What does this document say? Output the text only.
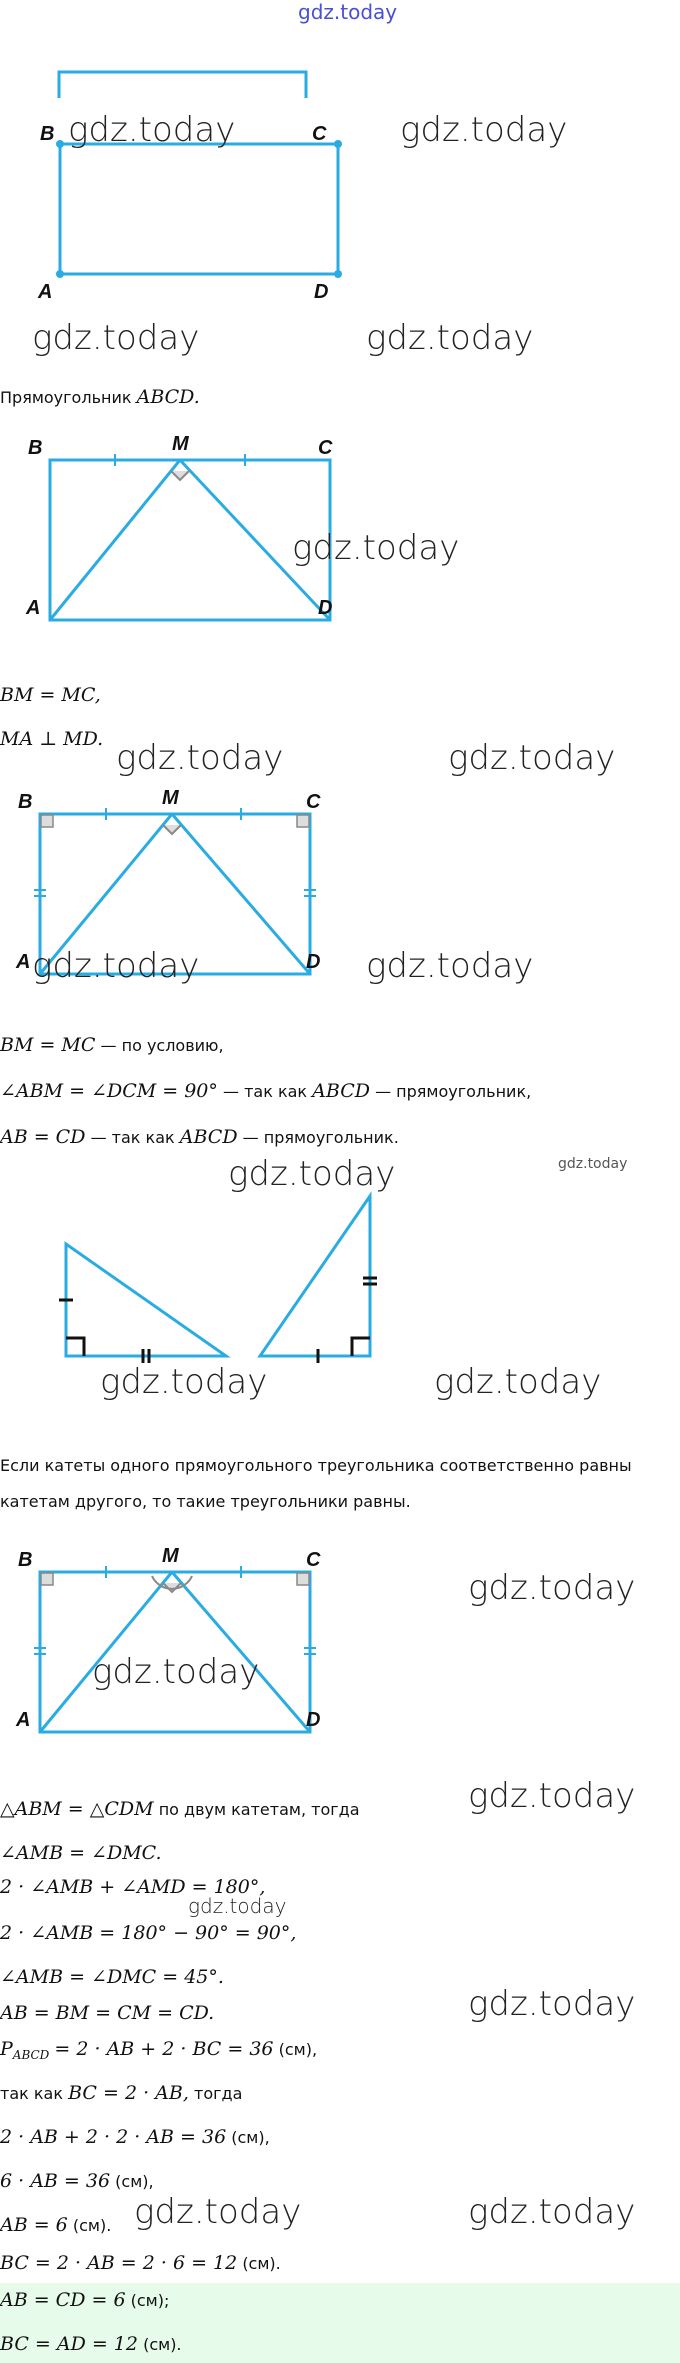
gdz.today
B	C
A	D
gdz.today	gdz.today
gdz.today	gdz.today
Прямоугольник ABCD.
B	M	C
A	D
gdz.today
BM = MC,
MA ⊥ MD. gdz.today	gdz.today
B	M	C
A	D
gdz.today	gdz.today
BM = MC — по условию,
∠ABM = ∠DCM = 90° — так как ABCD — прямоугольник,
AB = CD — так как ABCD — прямоугольник.
gdz.today	gdz.today
gdz.today	gdz.today
Если катеты одного прямоугольного треугольника соответственно равны
катетам другого, то такие треугольники равны.
B	M	C
A	D
gdz.today
gdz.today
△ABM = △CDM по двум катетам, тогда	gdz.today
∠AMB = ∠DMC.
2 · ∠AMB + ∠AMD = 180°,
gdz.today
2 · ∠AMB = 180° − 90° = 90°,
∠AMB = ∠DMC = 45°.
AB = BM = CM = CD.	gdz.today
$P_{ABCD} = 2$ · AB + 2 · BC = 36 (см),
так как BC = 2 · AB, тогда
2 · AB + 2 · 2 · AB = 36 (см),
6 · AB = 36 (см),
AB = 6 (см). gdz.today	gdz.today
BC = 2 · AB = 2 · 6 = 12 (см).
AB = CD = 6 (см);
BC = AD = 12 (см).
